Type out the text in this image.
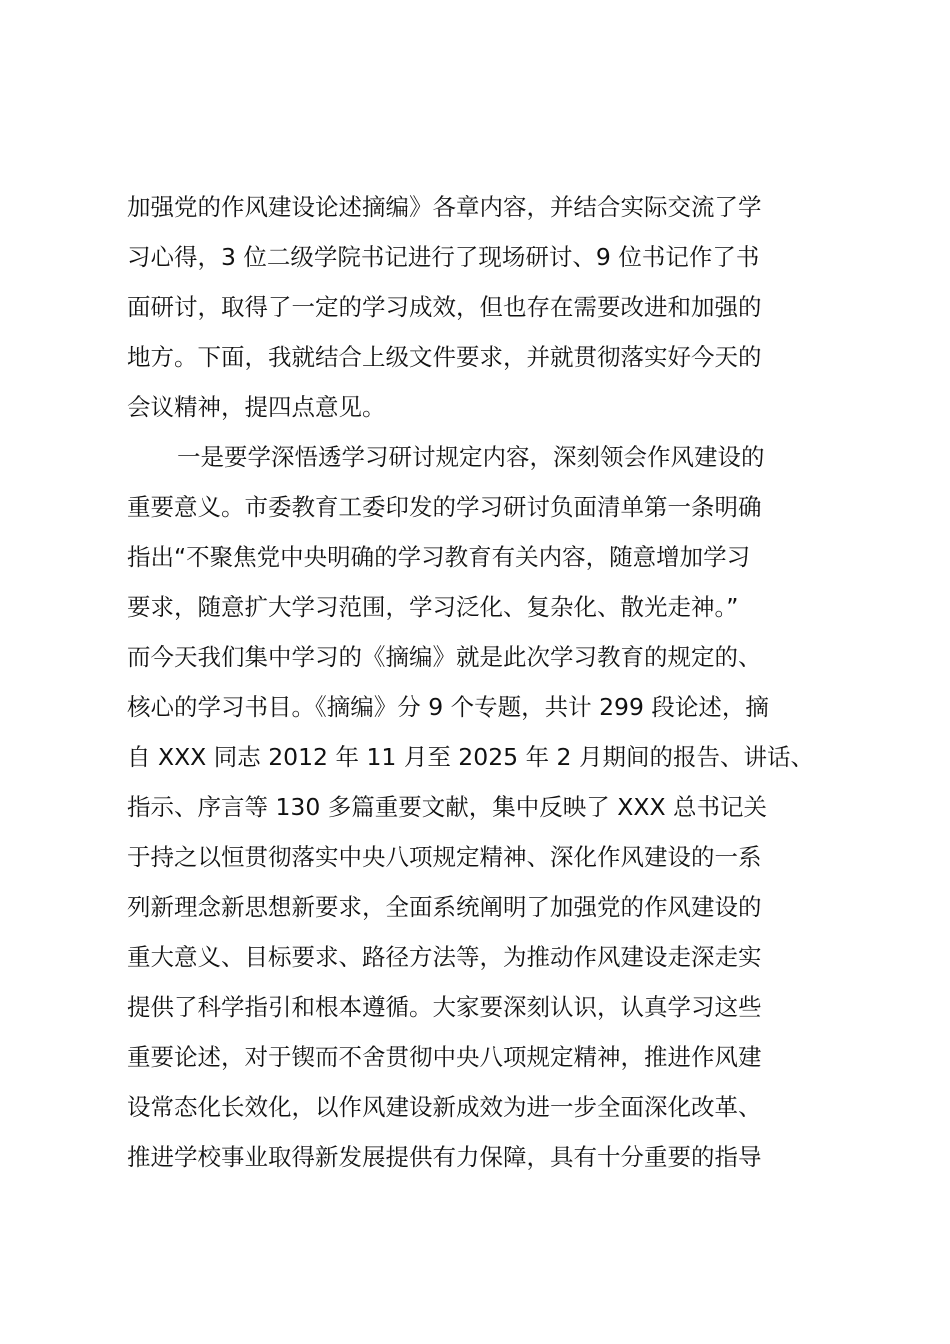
加强党的作风建设论述摘编》各章内容，并结合实际交流了学
习心得，3 位二级学院书记进行了现场研讨、9 位书记作了书
面研讨，取得了一定的学习成效，但也存在需要改进和加强的
地方。下面，我就结合上级文件要求，并就贯彻落实好今天的
会议精神，提四点意见。
一是要学深悟透学习研讨规定内容，深刻领会作风建设的
重要意义。市委教育工委印发的学习研讨负面清单第一条明确
指出“不聚焦党中央明确的学习教育有关内容，随意增加学习
要求，随意扩大学习范围，学习泛化、复杂化、散光走神。”
而今天我们集中学习的《摘编》就是此次学习教育的规定的、
核心的学习书目。《摘编》分 9 个专题，共计 299 段论述，摘
自 XXX 同志 2012 年 11 月至 2025 年 2 月期间的报告、讲话、
指示、序言等 130 多篇重要文献，集中反映了 XXX 总书记关
于持之以恒贯彻落实中央八项规定精神、深化作风建设的一系
列新理念新思想新要求，全面系统阐明了加强党的作风建设的
重大意义、目标要求、路径方法等，为推动作风建设走深走实
提供了科学指引和根本遵循。大家要深刻认识，认真学习这些
重要论述，对于锲而不舍贯彻中央八项规定精神，推进作风建
设常态化长效化，以作风建设新成效为进一步全面深化改革、
推进学校事业取得新发展提供有力保障，具有十分重要的指导
